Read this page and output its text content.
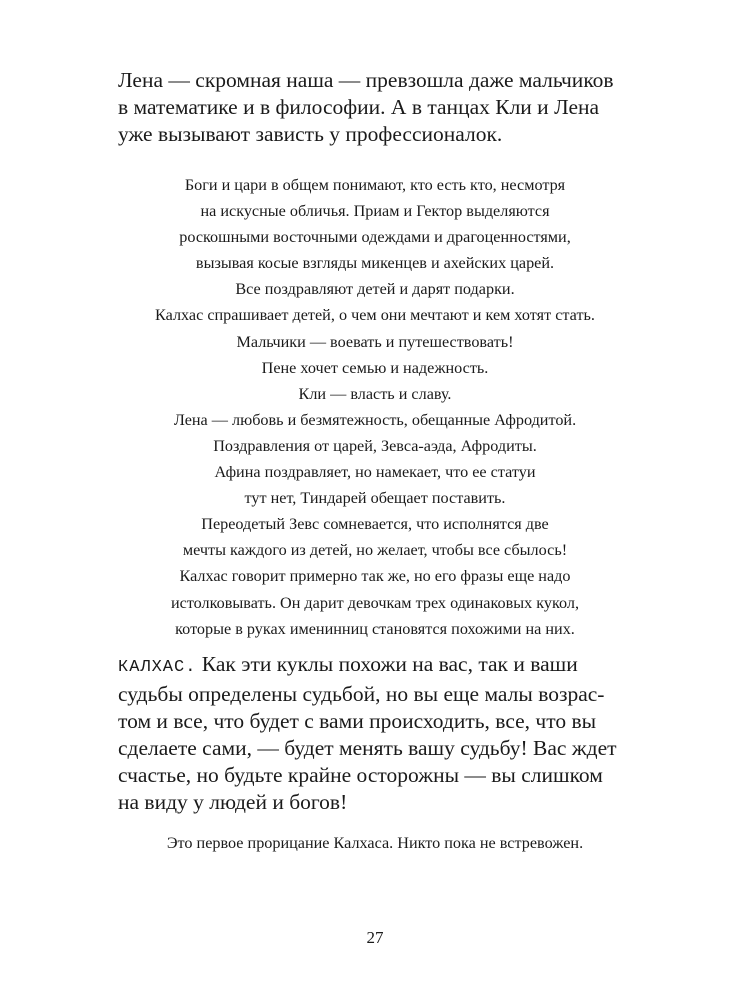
Лена — скромная наша — превзошла даже мальчиков
в математике и в философии. А в танцах Кли и Лена
уже вызывают зависть у профессионалок.
Боги и цари в общем понимают, кто есть кто, несмотря
на искусные обличья. Приам и Гектор выделяются
роскошными восточными одеждами и драгоценностями,
вызывая косые взгляды микенцев и ахейских царей.
Все поздравляют детей и дарят подарки.
Калхас спрашивает детей, о чем они мечтают и кем хотят стать.
Мальчики — воевать и путешествовать!
Пене хочет семью и надежность.
Кли — власть и славу.
Лена — любовь и безмятежность, обещанные Афродитой.
Поздравления от царей, Зевса-аэда, Афродиты.
Афина поздравляет, но намекает, что ее статуи
тут нет, Тиндарей обещает поставить.
Переодетый Зевс сомневается, что исполнятся две
мечты каждого из детей, но желает, чтобы все сбылось!
Калхас говорит примерно так же, но его фразы еще надо
истолковывать. Он дарит девочкам трех одинаковых кукол,
которые в руках именинниц становятся похожими на них.
КАЛХАС. Как эти куклы похожи на вас, так и ваши
судьбы определены судьбой, но вы еще малы возрас-
том и все, что будет с вами происходить, все, что вы
сделаете сами, — будет менять вашу судьбу! Вас ждет
счастье, но будьте крайне осторожны — вы слишком
на виду у людей и богов!
Это первое прорицание Калхаса. Никто пока не встревожен.
27
